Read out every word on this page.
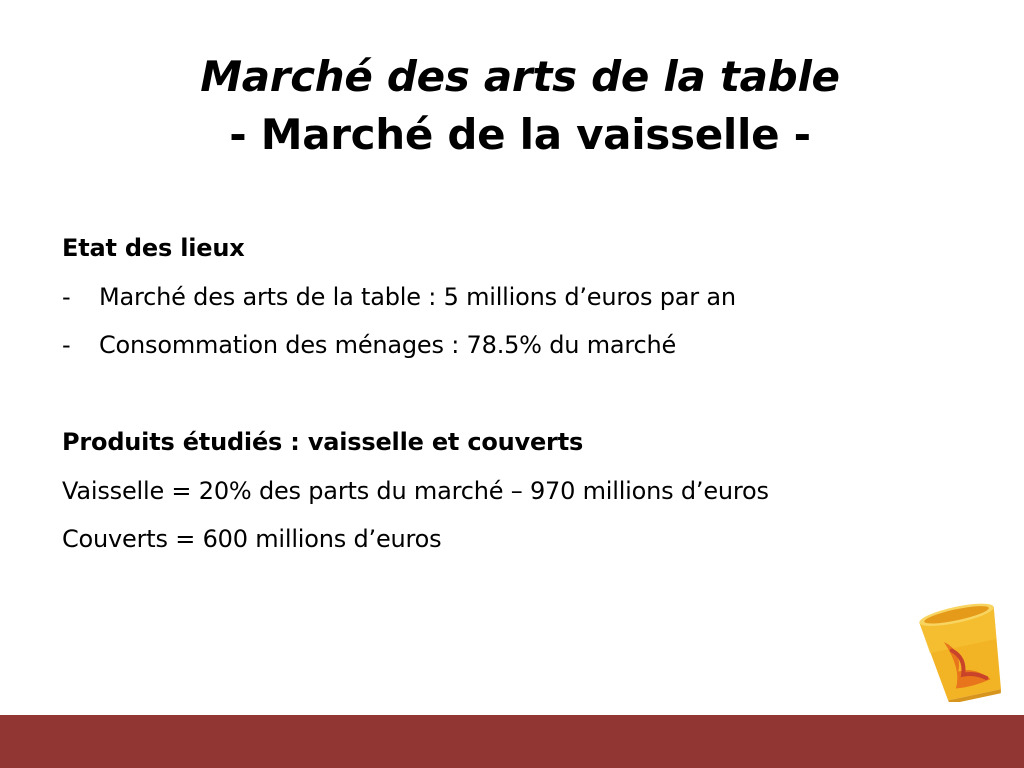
Marché des arts de la table

- Marché de la vaisselle -

Etat des lieux

- Marché des arts de la table : 5 millions d’euros par an

- Consommation des ménages : 78.5% du marché

Produits étudiés : vaisselle et couverts

Vaisselle = 20% des parts du marché – 970 millions d’euros

Couverts = 600 millions d’euros
